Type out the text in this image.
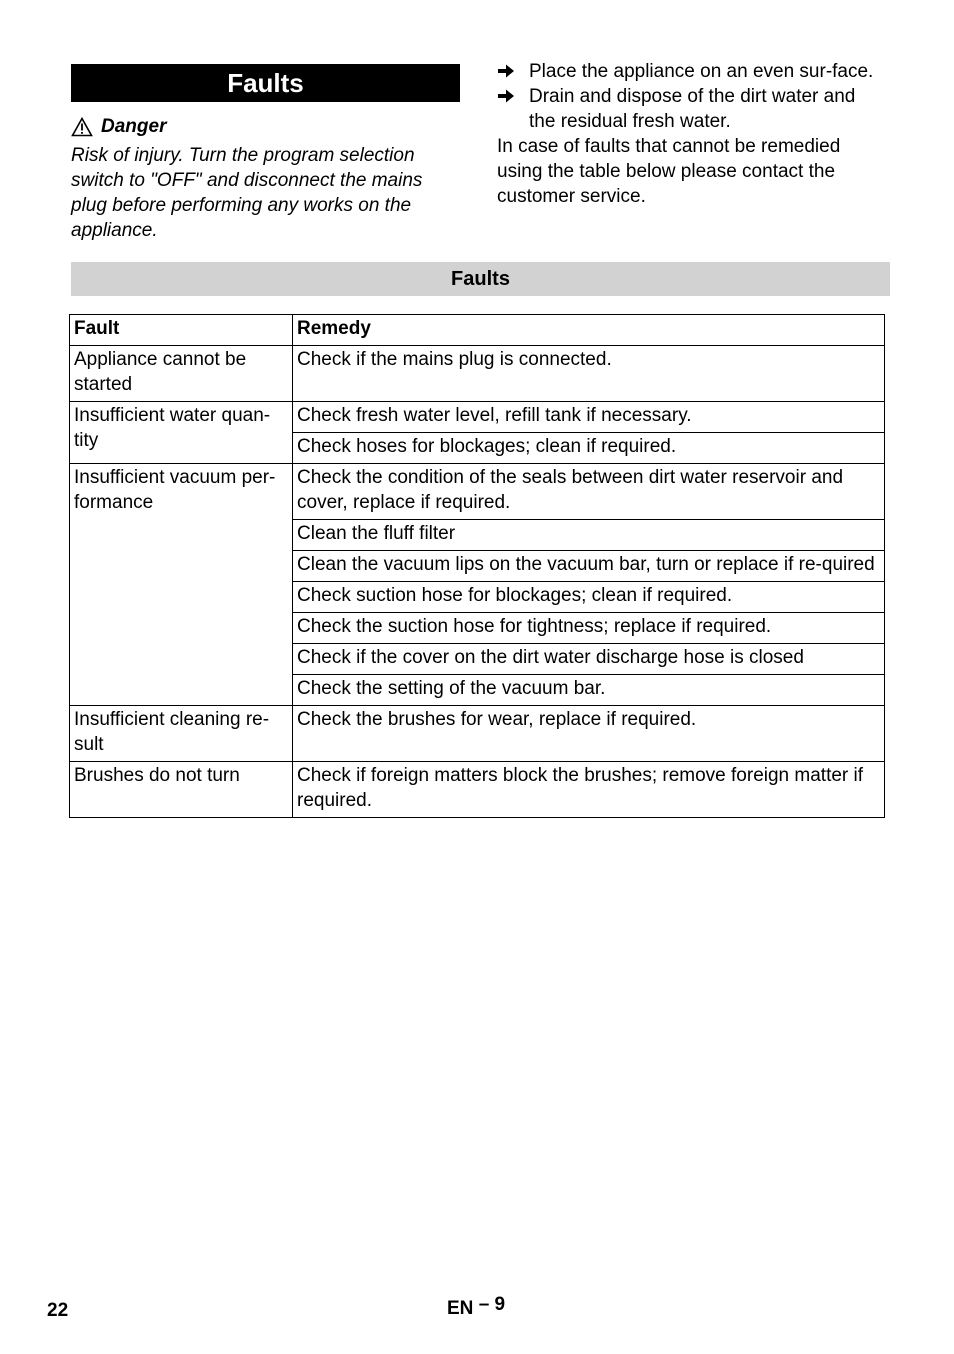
Faults
Danger
Risk of injury. Turn the program selection switch to "OFF" and disconnect the mains plug before performing any works on the appliance.
Place the appliance on an even sur-face.
Drain and dispose of the dirt water and the residual fresh water.
In case of faults that cannot be remedied using the table below please contact the customer service.
Faults
Fault	Remedy
Appliance cannot be started	Check if the mains plug is connected.
Insufficient water quan-tity	Check fresh water level, refill tank if necessary.
	Check hoses for blockages; clean if required.
Insufficient vacuum per-formance	Check the condition of the seals between dirt water reservoir and cover, replace if required.
	Clean the fluff filter
	Clean the vacuum lips on the vacuum bar, turn or replace if re-quired
	Check suction hose for blockages; clean if required.
	Check the suction hose for tightness; replace if required.
	Check if the cover on the dirt water discharge hose is closed
	Check the setting of the vacuum bar.
Insufficient cleaning re-sult	Check the brushes for wear, replace if required.
Brushes do not turn	Check if foreign matters block the brushes; remove foreign matter if required.
22	EN – 9
